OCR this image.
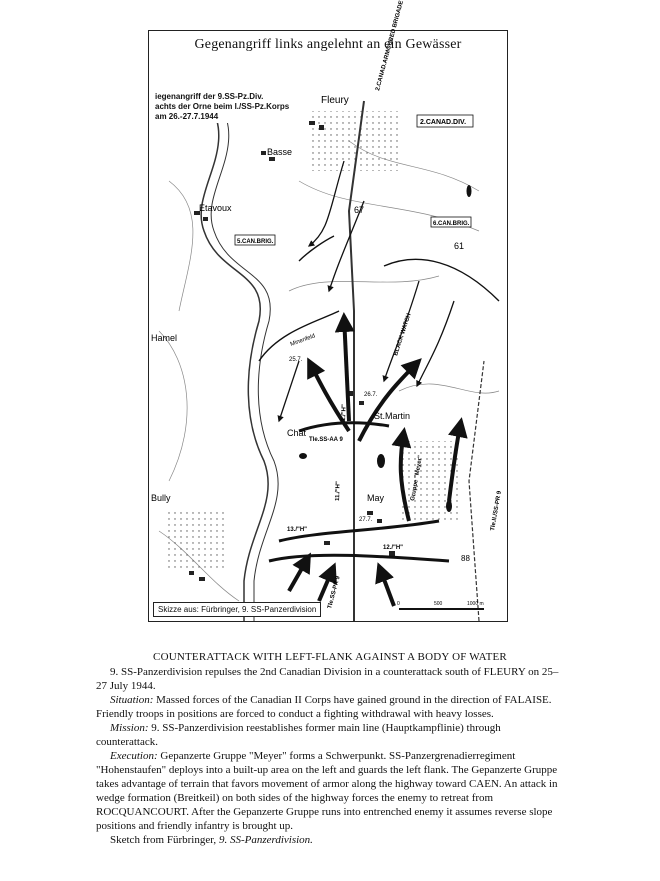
Gegenangriff links angelehnt an ein Gewässer
0	500	1000 m
Fleury
Basse
Etavoux
Hamel
St.Martin
Chat
Bully	May
67
61
88
2.CANAD.DIV.
2.CANAD.ARMOURED BRIGADE
6.CAN.BRIG.
5.CAN.BRIG.
Tle.SS-AA 9
Tle.SS-PR 9
Tle.II./SS-PR 9
Gruppe "Meyer"
1./"H"
11./"H"
13./"H"
12./"H"
BLACK WATCH
Minenfeld
25.7.
26.7.
27.7.
iegenangriff der 9.SS-Pz.Div.
achts der Orne beim I./SS-Pz.Korps
am 26.-27.7.1944
Skizze aus: Fürbringer, 9. SS-Panzerdivision
COUNTERATTACK WITH LEFT-FLANK AGAINST A BODY OF WATER

9. SS-Panzerdivision repulses the 2nd Canadian Division in a counterattack south of FLEURY on 25–27 July 1944.

Situation: Massed forces of the Canadian II Corps have gained ground in the direction of FALAISE. Friendly troops in positions are forced to conduct a fighting withdrawal with heavy losses.

Mission: 9. SS-Panzerdivision reestablishes former main line (Hauptkampflinie) through counterattack.

Execution: Gepanzerte Gruppe "Meyer" forms a Schwerpunkt. SS-Panzergrenadierregiment "Hohenstaufen" deploys into a built-up area on the left and guards the left flank. The Gepanzerte Gruppe takes advantage of terrain that favors movement of armor along the highway toward CAEN. An attack in wedge formation (Breitkeil) on both sides of the highway forces the enemy to retreat from ROCQUANCOURT. After the Gepanzerte Gruppe runs into entrenched enemy it assumes reverse slope positions and friendly infantry is brought up.

Sketch from Fürbringer, 9. SS-Panzerdivision.
